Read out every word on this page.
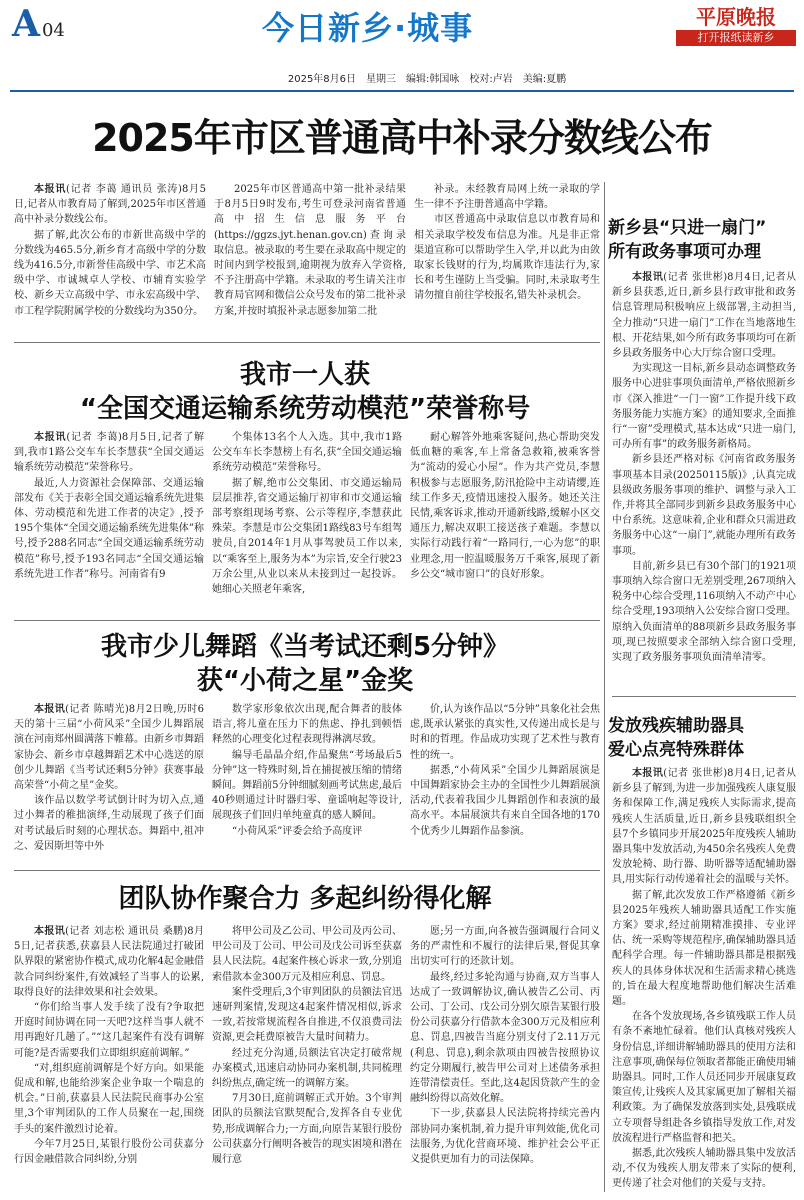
A 04	今日新乡·城事	平原晚报
打开报纸读新乡
2025年8月6日　星期三　编辑:韩国咏　校对:卢岩　美编:夏鹏
2025年市区普通高中补录分数线公布

本报讯(记者 李蔼 通讯员 张涛)8月5日,记者从市教育局了解到,2025年市区普通高中补录分数线公布。

据了解,此次公布的市新世高级中学的分数线为465.5分,新乡育才高级中学的分数线为416.5分,市新誉佳高级中学、市艺术高级中学、市诚城卓人学校、市辅育实验学校、新乡天立高级中学、市永宏高级中学、市工程学院附属学校的分数线均为350分。

2025年市区普通高中第一批补录结果于8月5日9时发布,考生可登录河南省普通高中招生信息服务平台(https://ggzs.jyt.henan.gov.cn)查询录取信息。被录取的考生要在录取高中规定的时间内到学校报到,逾期视为放弃入学资格,不予注册高中学籍。未录取的考生请关注市教育局官网和微信公众号发布的第二批补录方案,并按时填报补录志愿参加第二批

补录。未经教育局网上统一录取的学生一律不予注册普通高中学籍。

市区普通高中录取信息以市教育局和相关录取学校发布信息为准。凡是非正常渠道宣称可以帮助学生入学,并以此为由敛取家长钱财的行为,均属欺诈违法行为,家长和考生谨防上当受骗。同时,未录取考生请勿擅自前往学校报名,错失补录机会。

我市一人获
“全国交通运输系统劳动模范”荣誉称号

本报讯(记者 李蔼)8月5日,记者了解到,我市1路公交车车长李慧获“全国交通运输系统劳动模范”荣誉称号。

最近,人力资源社会保障部、交通运输部发布《关于表彰全国交通运输系统先进集体、劳动模范和先进工作者的决定》,授予195个集体“全国交通运输系统先进集体”称号,授予288名同志“全国交通运输系统劳动模范”称号,授予193名同志“全国交通运输系统先进工作者”称号。河南省有9

个集体13名个人入选。其中,我市1路公交车车长李慧榜上有名,获“全国交通运输系统劳动模范”荣誉称号。

据了解,绝市公交集团、市交通运输局层层推荐,省交通运输厅初审和市交通运输部考察组现场考察、公示等程序,李慧获此殊荣。李慧是市公交集团1路线83号车组驾驶员,自2014年1月从事驾驶员工作以来,以“乘客至上,服务为本”为宗旨,安全行驶23万余公里,从业以来从未接到过一起投诉。她细心关照老年乘客,

耐心解答外地乘客疑问,热心帮助突发低血糖的乘客,车上常备急救箱,被乘客誉为“流动的爱心小屋”。作为共产党员,李慧积极参与志愿服务,防汛抢险中主动请缨,连续工作多天,疫情迅速投入服务。她还关注民情,乘客诉求,推动开通新线路,缓解小区交通压力,解决双职工接送孩子难题。李慧以实际行动践行着“一路同行,一心为您”的职业理念,用一腔温暖服务万千乘客,展现了新乡公交“城市窗口”的良好形象。

我市少儿舞蹈《当考试还剩5分钟》
获“小荷之星”金奖

本报讯(记者 陈晴光)8月2日晚,历时6天的第十三届“小荷风采”全国少儿舞蹈展演在河南郑州圆满落下帷幕。由新乡市舞蹈家协会、新乡市卓越舞蹈艺术中心选送的原创少儿舞蹈《当考试还剩5分钟》获赛事最高荣誉“小荷之星”金奖。

该作品以数学考试倒计时为切入点,通过小舞者的稚拙演绎,生动展现了孩子们面对考试最后时刻的心理状态。舞蹈中,祖冲之、爱因斯坦等中外

数学家形象依次出现,配合舞者的肢体语言,将儿童在压力下的焦虑、挣扎到顿悟释然的心理变化过程表现得淋漓尽致。

编导毛晶晶介绍,作品聚焦“考场最后5分钟”这一特殊时刻,旨在捕捉被压缩的情绪瞬间。舞蹈前5分钟细腻刻画考试焦虑,最后40秒则通过计时器归零、童谣响起等设计,展现孩子们回归单纯童真的感人瞬间。

“小荷风采”评委会给予高度评

价,认为该作品以“5分钟”具象化社会焦虑,既承认紧张的真实性,又传递出成长是与时和的哲理。作品成功实现了艺术性与教育性的统一。

据悉,“小荷风采”全国少儿舞蹈展演是中国舞蹈家协会主办的全国性少儿舞蹈展演活动,代表着我国少儿舞蹈创作和表演的最高水平。本届展演共有来自全国各地的170个优秀少儿舞蹈作品参演。

团队协作聚合力 多起纠纷得化解

本报讯(记者 刘志松 通讯员 桑鹏)8月5日,记者获悉,获嘉县人民法院通过打破团队界限的紧密协作模式,成功化解4起金融借款合同纠纷案件,有效减轻了当事人的讼累,取得良好的法律效果和社会效果。

“你们给当事人发手续了没有?争取把开庭时间协调在同一天吧?这样当事人就不用再跑好几趟了。”“这几起案件有没有调解可能?是否需要我们立即组织庭前调解。”

“对,组织庭前调解是个好方向。如果能促成和解,也能给涉案企业争取一个喘息的机会。”日前,获嘉县人民法院民商事办公室里,3个审判团队的工作人员聚在一起,围绕手头的案件激烈讨论着。

今年7月25日,某银行股份公司获嘉分行因金融借款合同纠纷,分别

将甲公司及乙公司、甲公司及丙公司、甲公司及丁公司、甲公司及戊公司诉至获嘉县人民法院。4起案件核心诉求一致,分别追索借款本金300万元及相应利息、罚息。

案件受理后,3个审判团队的员额法官迅速研判案情,发现这4起案件情况相似,诉求一致,若按常规流程各自推进,不仅浪费司法资源,更会耗费原被告大量时间精力。

经过充分沟通,员额法官决定打破常规办案模式,迅速启动协同办案机制,共同梳理纠纷焦点,确定统一的调解方案。

7月30日,庭前调解正式开始。3个审判团队的员额法官默契配合,发挥各自专业优势,形成调解合力;一方面,向原告某银行股份公司获嘉分行阐明各被告的现实困境和潜在履行意

愿;另一方面,向各被告强调履行合同义务的严肃性和不履行的法律后果,督促其拿出切实可行的还款计划。

最终,经过多轮沟通与协商,双方当事人达成了一致调解协议,确认被告乙公司、丙公司、丁公司、戊公司分别欠原告某银行股份公司获嘉分行借款本金300万元及相应利息、罚息,四被告当庭分别支付了2.11万元(利息、罚息),剩余款项由四被告按照协议约定分期履行,被告甲公司对上述债务承担连带清偿责任。至此,这4起因贷款产生的金融纠纷得以高效化解。

下一步,获嘉县人民法院将持续完善内部协同办案机制,着力提升审判效能,优化司法服务,为优化营商环境、维护社会公平正义提供更加有力的司法保障。

新乡县“只进一扇门”
所有政务事项可办理

本报讯(记者 张世彬)8月4日,记者从新乡县获悉,近日,新乡县行政审批和政务信息管理局积极响应上级部署,主动担当,全力推动“只进一扇门”工作在当地落地生根、开花结果,如今所有政务事项均可在新乡县政务服务中心大厅综合窗口受理。

为实现这一目标,新乡县动态调整政务服务中心进驻事项负面清单,严格依照新乡市《深入推进“一门一窗”工作提升线下政务服务能力实施方案》的通知要求,全面推行“一窗”受理模式,基本达成“只进一扇门,可办所有事”的政务服务新格局。

新乡县还严格对标《河南省政务服务事项基本目录(20250115版)》,认真完成县级政务服务事项的维护、调整与录入工作,并将其全部同步到新乡县政务服务中心中台系统。这意味着,企业和群众只需进政务服务中心这“一扇门”,就能办理所有政务事项。

目前,新乡县已有30个部门的1921项事项纳入综合窗口无差别受理,267项纳入税务中心综合受理,116项纳入不动产中心综合受理,193项纳入公安综合窗口受理。原纳入负面清单的88项新乡县政务服务事项,现已按照要求全部纳入综合窗口受理,实现了政务服务事项负面清单清零。

发放残疾辅助器具
爱心点亮特殊群体

本报讯(记者 张世彬)8月4日,记者从新乡县了解到,为进一步加强残疾人康复服务和保障工作,满足残疾人实际需求,提高残疾人生活质量,近日,新乡县残联组织全县7个乡镇同步开展2025年度残疾人辅助器具集中发放活动,为450余名残疾人免费发放轮椅、助行器、助听器等适配辅助器具,用实际行动传递着社会的温暖与关怀。

据了解,此次发放工作严格遵循《新乡县2025年残疾人辅助器具适配工作实施方案》要求,经过前期精准摸排、专业评估、统一采购等规范程序,确保辅助器具适配科学合理。每一件辅助器具都是根据残疾人的具体身体状况和生活需求精心挑选的,旨在最大程度地帮助他们解决生活难题。

在各个发放现场,各乡镇残联工作人员有条不紊地忙碌着。他们认真核对残疾人身份信息,详细讲解辅助器具的使用方法和注意事项,确保每位领取者都能正确使用辅助器具。同时,工作人员还同步开展康复政策宣传,让残疾人及其家属更加了解相关福利政策。为了确保发放落到实处,县残联成立专项督导组赴各乡镇指导发放工作,对发放流程进行严格监督和把关。

据悉,此次残疾人辅助器具集中发放活动,不仅为残疾人朋友带来了实际的便利,更传递了社会对他们的关爱与支持。
